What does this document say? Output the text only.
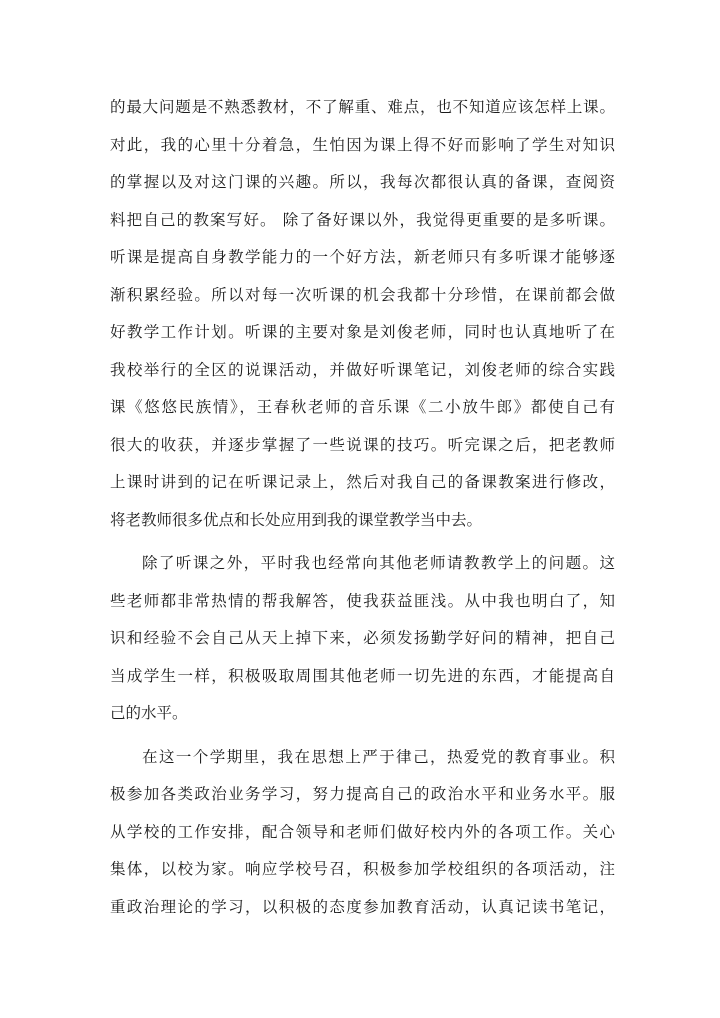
的最大问题是不熟悉教材，不了解重、难点，也不知道应该怎样上课。
对此，我的心里十分着急，生怕因为课上得不好而影响了学生对知识
的掌握以及对这门课的兴趣。所以，我每次都很认真的备课，查阅资
料把自己的教案写好。 除了备好课以外，我觉得更重要的是多听课。
听课是提高自身教学能力的一个好方法，新老师只有多听课才能够逐
渐积累经验。所以对每一次听课的机会我都十分珍惜，在课前都会做
好教学工作计划。听课的主要对象是刘俊老师，同时也认真地听了在
我校举行的全区的说课活动，并做好听课笔记，刘俊老师的综合实践
课《悠悠民族情》，王春秋老师的音乐课《二小放牛郎》都使自己有
很大的收获，并逐步掌握了一些说课的技巧。听完课之后，把老教师
上课时讲到的记在听课记录上，然后对我自己的备课教案进行修改，
将老教师很多优点和长处应用到我的课堂教学当中去。
除了听课之外，平时我也经常向其他老师请教教学上的问题。这
些老师都非常热情的帮我解答，使我获益匪浅。从中我也明白了，知
识和经验不会自己从天上掉下来，必须发扬勤学好问的精神，把自己
当成学生一样，积极吸取周围其他老师一切先进的东西，才能提高自
己的水平。
在这一个学期里，我在思想上严于律己，热爱党的教育事业。积
极参加各类政治业务学习，努力提高自己的政治水平和业务水平。服
从学校的工作安排，配合领导和老师们做好校内外的各项工作。关心
集体，以校为家。响应学校号召，积极参加学校组织的各项活动，注
重政治理论的学习，以积极的态度参加教育活动，认真记读书笔记，
